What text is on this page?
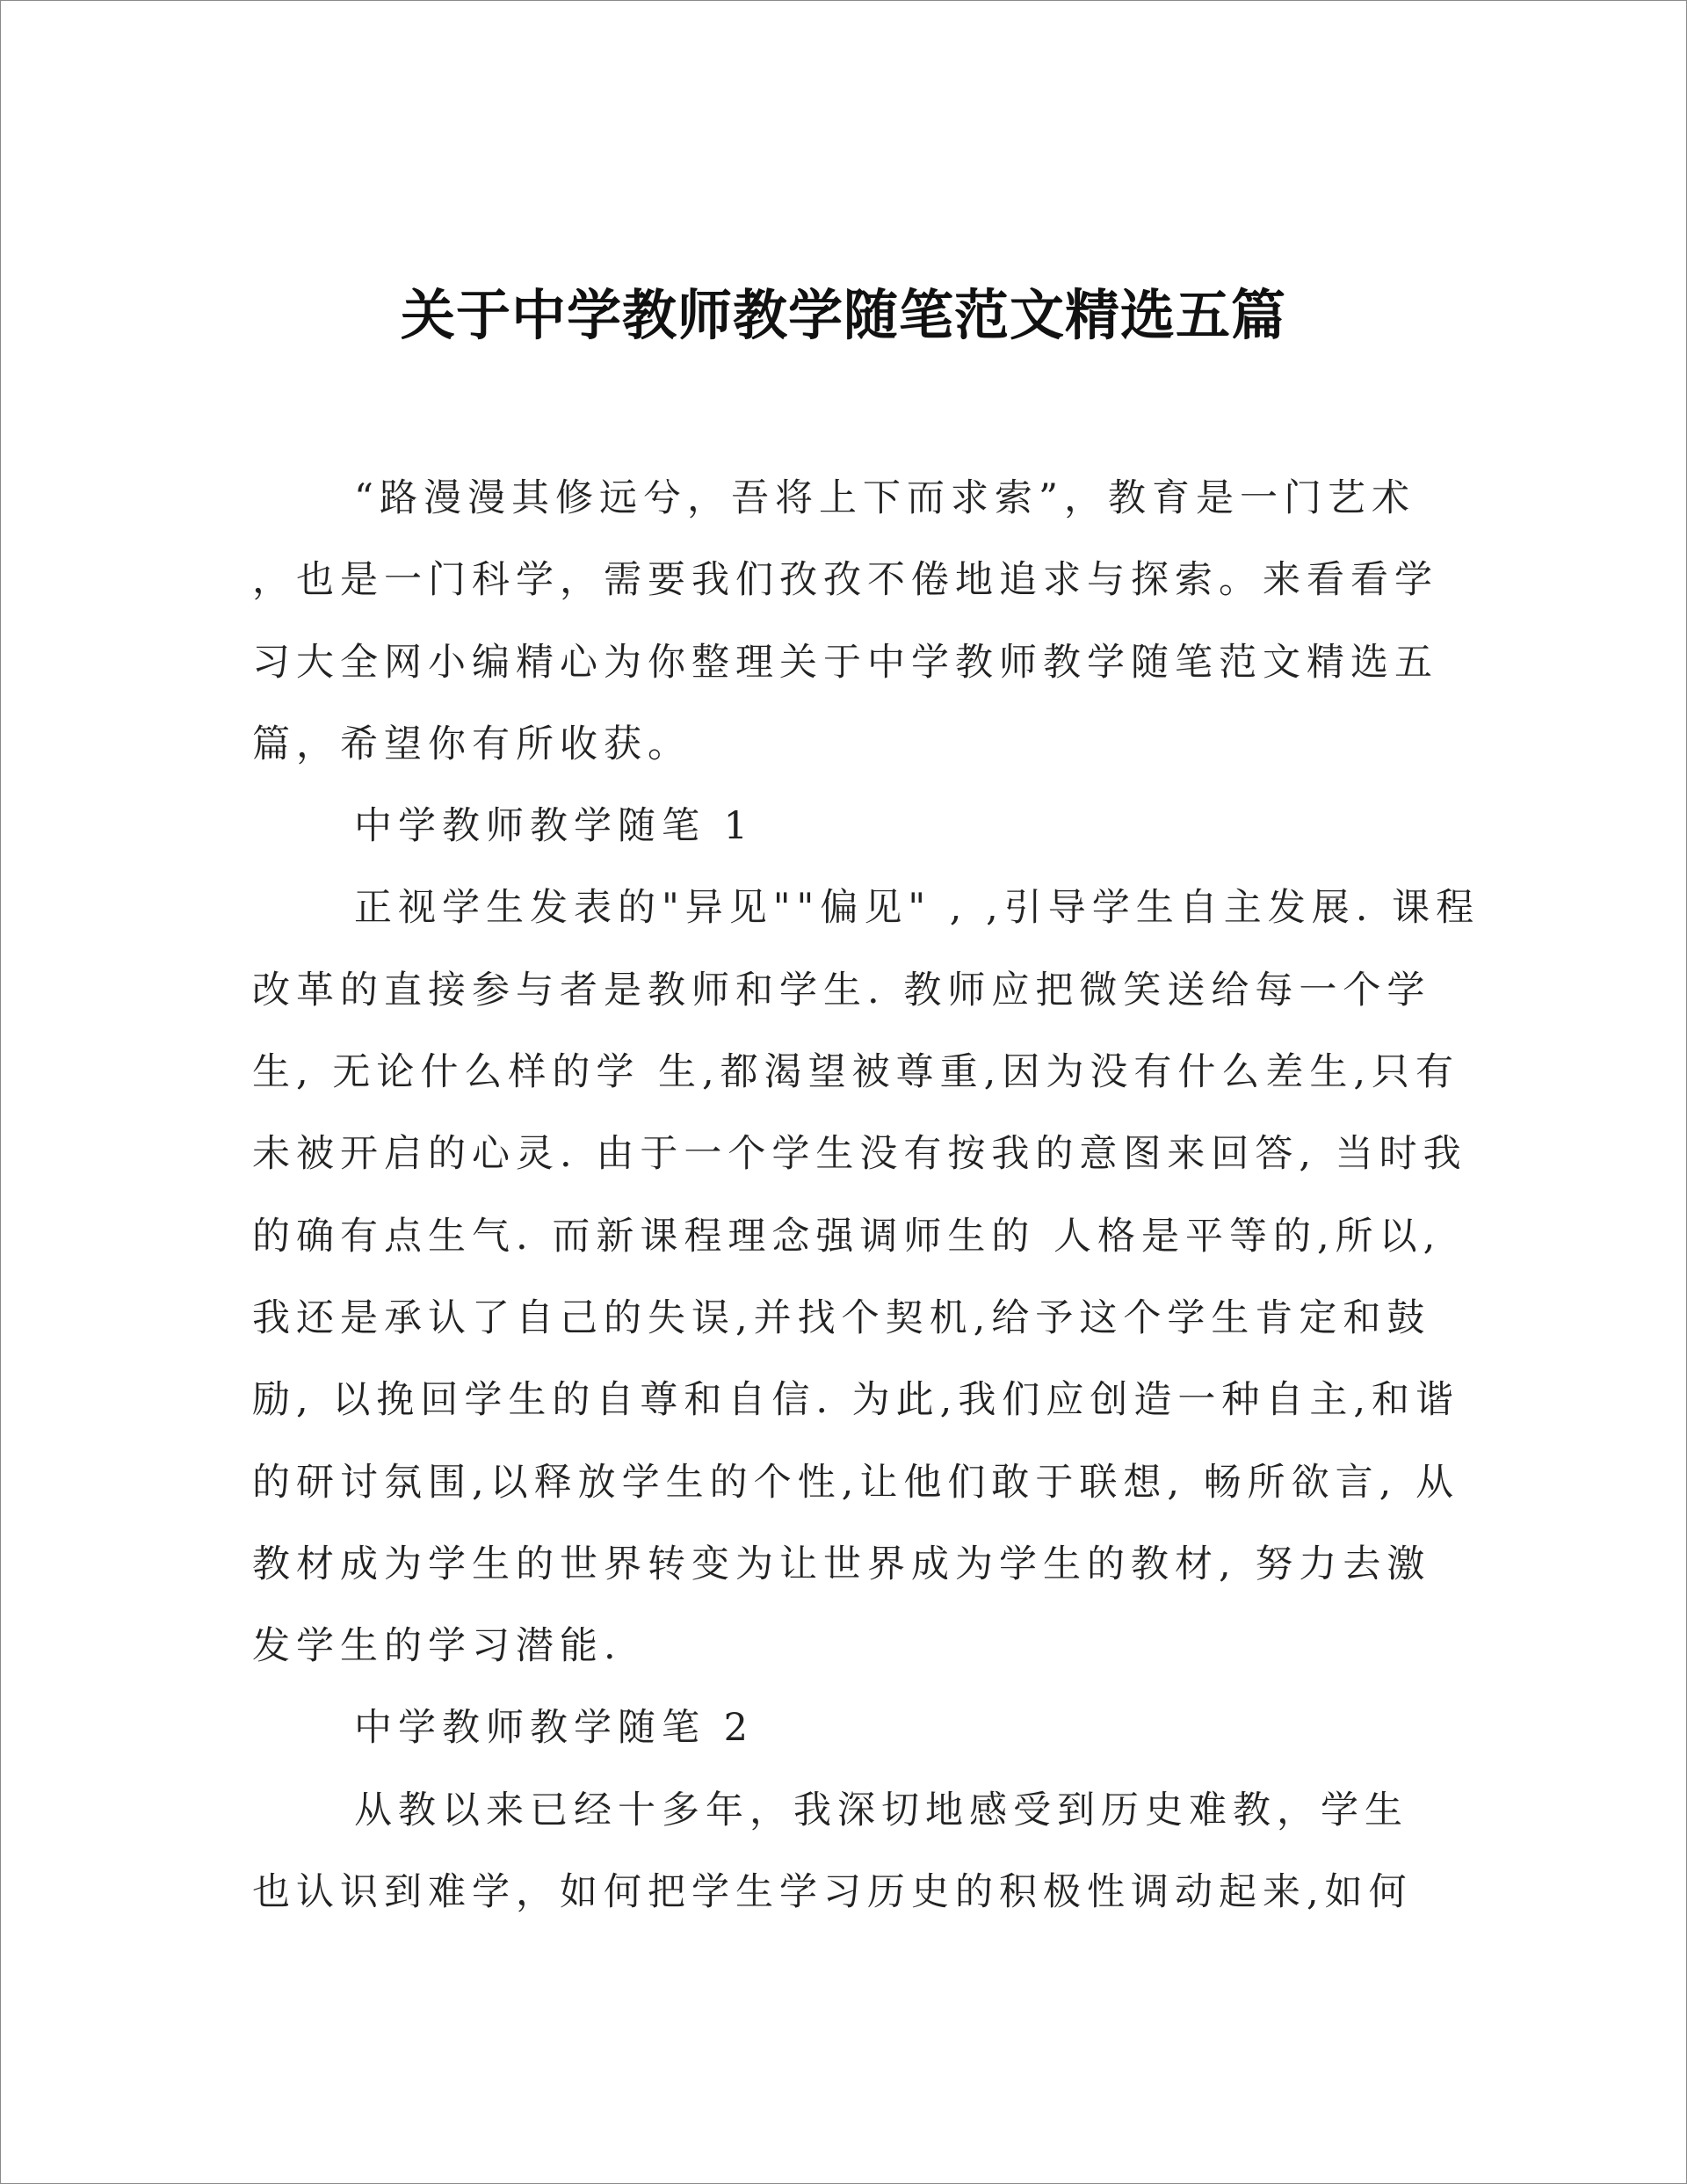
关于中学教师教学随笔范文精选五篇
“路漫漫其修远兮，吾将上下而求索”，教育是一门艺术
，也是一门科学，需要我们孜孜不倦地追求与探索。来看看学
习大全网小编精心为你整理关于中学教师教学随笔范文精选五
篇，希望你有所收获。
中学教师教学随笔 1
正视学生发表的"异见""偏见" , ,引导学生自主发展. 课程
改革的直接参与者是教师和学生. 教师应把微笑送给每一个学
生, 无论什么样的学 生,都渴望被尊重,因为没有什么差生,只有
未被开启的心灵. 由于一个学生没有按我的意图来回答, 当时我
的确有点生气. 而新课程理念强调师生的 人格是平等的,所以,
我还是承认了自己的失误,并找个契机,给予这个学生肯定和鼓
励, 以挽回学生的自尊和自信. 为此,我们应创造一种自主,和谐
的研讨氛围,以释放学生的个性,让他们敢于联想, 畅所欲言, 从
教材成为学生的世界转变为让世界成为学生的教材, 努力去激
发学生的学习潜能.
中学教师教学随笔 2
从教以来已经十多年，我深切地感受到历史难教，学生
也认识到难学，如何把学生学习历史的积极性调动起来,如何
